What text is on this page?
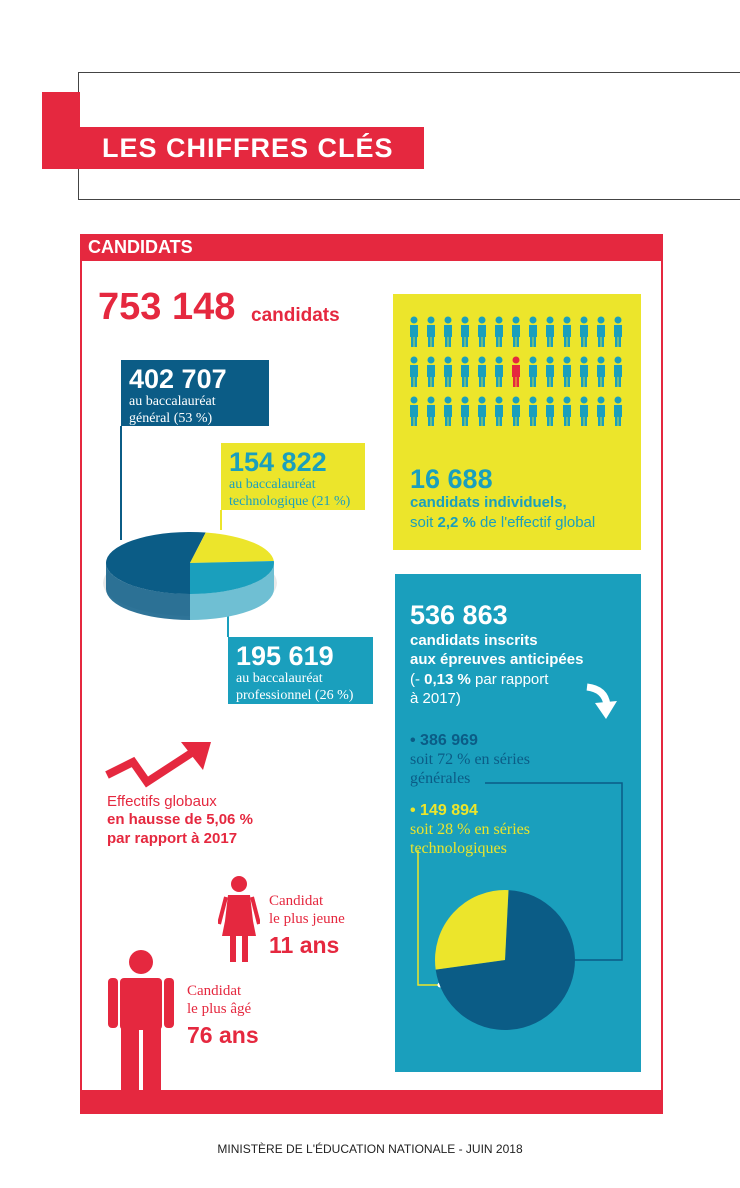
LES CHIFFRES CLÉS
CANDIDATS
753 148 candidats
402 707
au baccalauréat
général (53 %)
154 822
au baccalauréat
technologique (21 %)
195 619
au baccalauréat
professionnel (26 %)
16 688
candidats individuels,
soit 2,2 % de l'effectif global
536 863
candidats inscrits
aux épreuves anticipées
(- 0,13 % par rapport
à 2017)
• 386 969
soit 72 % en séries
générales
• 149 894
soit 28 % en séries
technologiques
Effectifs globaux
en hausse de 5,06 %
par rapport à 2017
Candidat
le plus jeune
11 ans
Candidat
le plus âgé
76 ans
MINISTÈRE DE L'ÉDUCATION NATIONALE - JUIN 2018
